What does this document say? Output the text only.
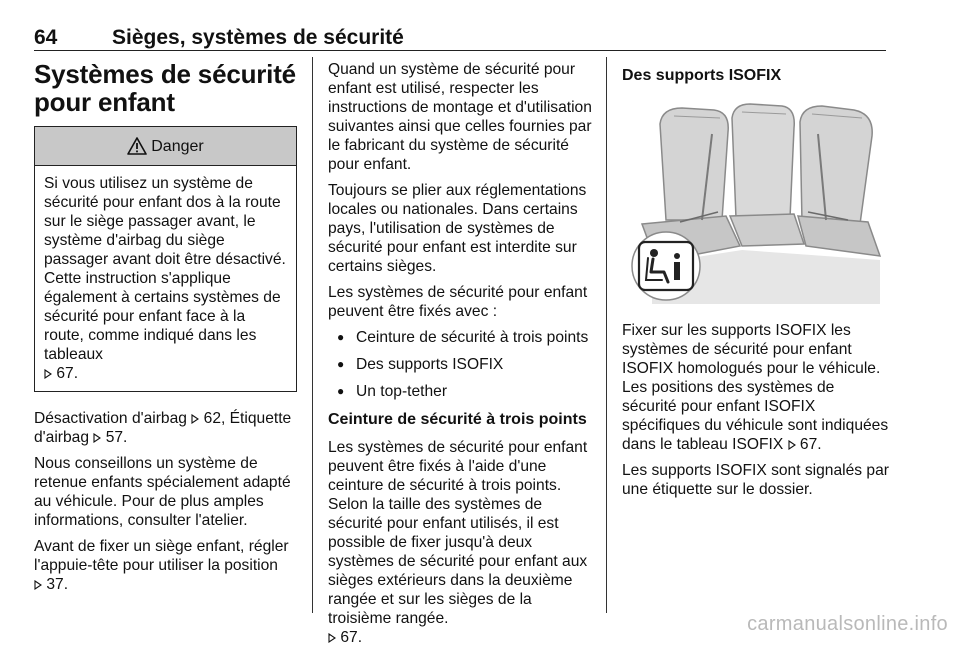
64	Sièges, systèmes de sécurité
Systèmes de sécurité
pour enfant
Danger

Si vous utilisez un système de sécurité pour enfant dos à la route sur le siège passager avant, le système d'airbag du siège passager avant doit être désactivé. Cette instruction s'applique également à certains systèmes de sécurité pour enfant face à la route, comme indiqué dans les tableaux
67.

Désactivation d'airbag 62, Étiquette d'airbag 57.

Nous conseillons un système de retenue enfants spécialement adapté au véhicule. Pour de plus amples informations, consulter l'atelier.

Avant de fixer un siège enfant, régler l'appuie-tête pour utiliser la position
37.

Quand un système de sécurité pour enfant est utilisé, respecter les instructions de montage et d'utilisation suivantes ainsi que celles fournies par le fabricant du système de sécurité pour enfant.

Toujours se plier aux réglementations locales ou nationales. Dans certains pays, l'utilisation de systèmes de sécurité pour enfant est interdite sur certains sièges.

Les systèmes de sécurité pour enfant peuvent être fixés avec :

● Ceinture de sécurité à trois points
● Des supports ISOFIX
● Un top-tether
Ceinture de sécurité à trois points

Les systèmes de sécurité pour enfant peuvent être fixés à l'aide d'une ceinture de sécurité à trois points. Selon la taille des systèmes de sécurité pour enfant utilisés, il est possible de fixer jusqu'à deux systèmes de sécurité pour enfant aux sièges extérieurs dans la deuxième rangée et sur les sièges de la troisième rangée.
67.

Des supports ISOFIX

Fixer sur les supports ISOFIX les systèmes de sécurité pour enfant ISOFIX homologués pour le véhicule. Les positions des systèmes de sécurité pour enfant ISOFIX spécifiques du véhicule sont indiquées dans le tableau ISOFIX 67.

Les supports ISOFIX sont signalés par une étiquette sur le dossier.

carmanualsonline.info
